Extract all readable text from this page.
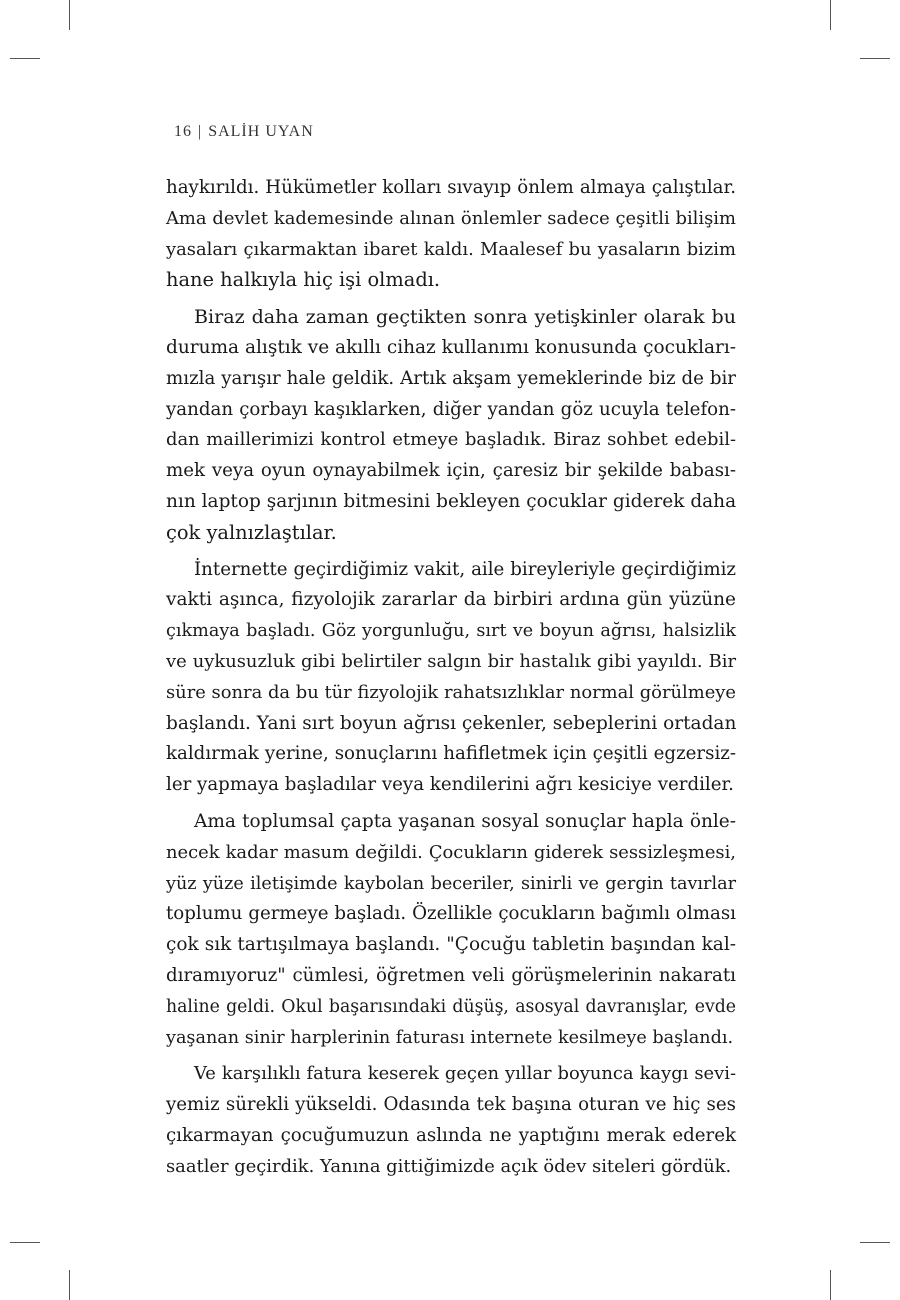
16 | SALİH UYAN
haykırıldı. Hükümetler kolları sıvayıp önlem almaya çalıştılar.
Ama devlet kademesinde alınan önlemler sadece çeşitli bilişim
yasaları çıkarmaktan ibaret kaldı. Maalesef bu yasaların bizim
hane halkıyla hiç işi olmadı.
Biraz daha zaman geçtikten sonra yetişkinler olarak bu
duruma alıştık ve akıllı cihaz kullanımı konusunda çocukları-
mızla yarışır hale geldik. Artık akşam yemeklerinde biz de bir
yandan çorbayı kaşıklarken, diğer yandan göz ucuyla telefon-
dan maillerimizi kontrol etmeye başladık. Biraz sohbet edebil-
mek veya oyun oynayabilmek için, çaresiz bir şekilde babası-
nın laptop şarjının bitmesini bekleyen çocuklar giderek daha
çok yalnızlaştılar.
İnternette geçirdiğimiz vakit, aile bireyleriyle geçirdiğimiz
vakti aşınca, fizyolojik zararlar da birbiri ardına gün yüzüne
çıkmaya başladı. Göz yorgunluğu, sırt ve boyun ağrısı, halsizlik
ve uykusuzluk gibi belirtiler salgın bir hastalık gibi yayıldı. Bir
süre sonra da bu tür fizyolojik rahatsızlıklar normal görülmeye
başlandı. Yani sırt boyun ağrısı çekenler, sebeplerini ortadan
kaldırmak yerine, sonuçlarını hafifletmek için çeşitli egzersiz-
ler yapmaya başladılar veya kendilerini ağrı kesiciye verdiler.
Ama toplumsal çapta yaşanan sosyal sonuçlar hapla önle-
necek kadar masum değildi. Çocukların giderek sessizleşmesi,
yüz yüze iletişimde kaybolan beceriler, sinirli ve gergin tavırlar
toplumu germeye başladı. Özellikle çocukların bağımlı olması
çok sık tartışılmaya başlandı. "Çocuğu tabletin başından kal-
dıramıyoruz" cümlesi, öğretmen veli görüşmelerinin nakaratı
haline geldi. Okul başarısındaki düşüş, asosyal davranışlar, evde
yaşanan sinir harplerinin faturası internete kesilmeye başlandı.
Ve karşılıklı fatura keserek geçen yıllar boyunca kaygı sevi-
yemiz sürekli yükseldi. Odasında tek başına oturan ve hiç ses
çıkarmayan çocuğumuzun aslında ne yaptığını merak ederek
saatler geçirdik. Yanına gittiğimizde açık ödev siteleri gördük.
